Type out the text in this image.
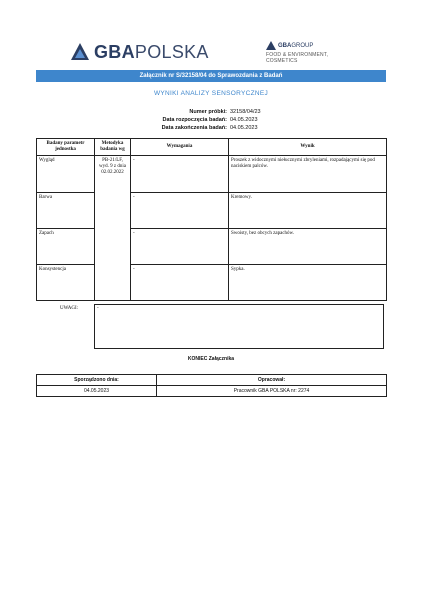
GBAPOLSKA	GBAGROUP
FOOD & ENVIRONMENT,
COSMETICS
Załącznik nr S/32158/04 do Sprawozdania z Badań
WYNIKI ANALIZY SENSORYCZNEJ
Numer próbki: 32158/04/23
Data rozpoczęcia badań: 04.05.2023
Data zakończenia badań: 04.05.2023
Badany parametr jednostka	Metodyka badania wg	Wymagania	Wynik
Wygląd	PB-21/LF, wyd. 9 z dnia 02.02.2022	-	Proszek z widocznymi niełucznymi zbryleniami, rozpadającymi się pod naciskiem palców.
Barwa		-	Kremowy.
Zapach		-	Swoisty, bez obcych zapachów.
Konsystencja		-	Sypka.
UWAGI:	-
KONIEC Załącznika
Sporządzono dnia:	Opracował:
04.05.2023	Pracownik GBA POLSKA nr: 2274
